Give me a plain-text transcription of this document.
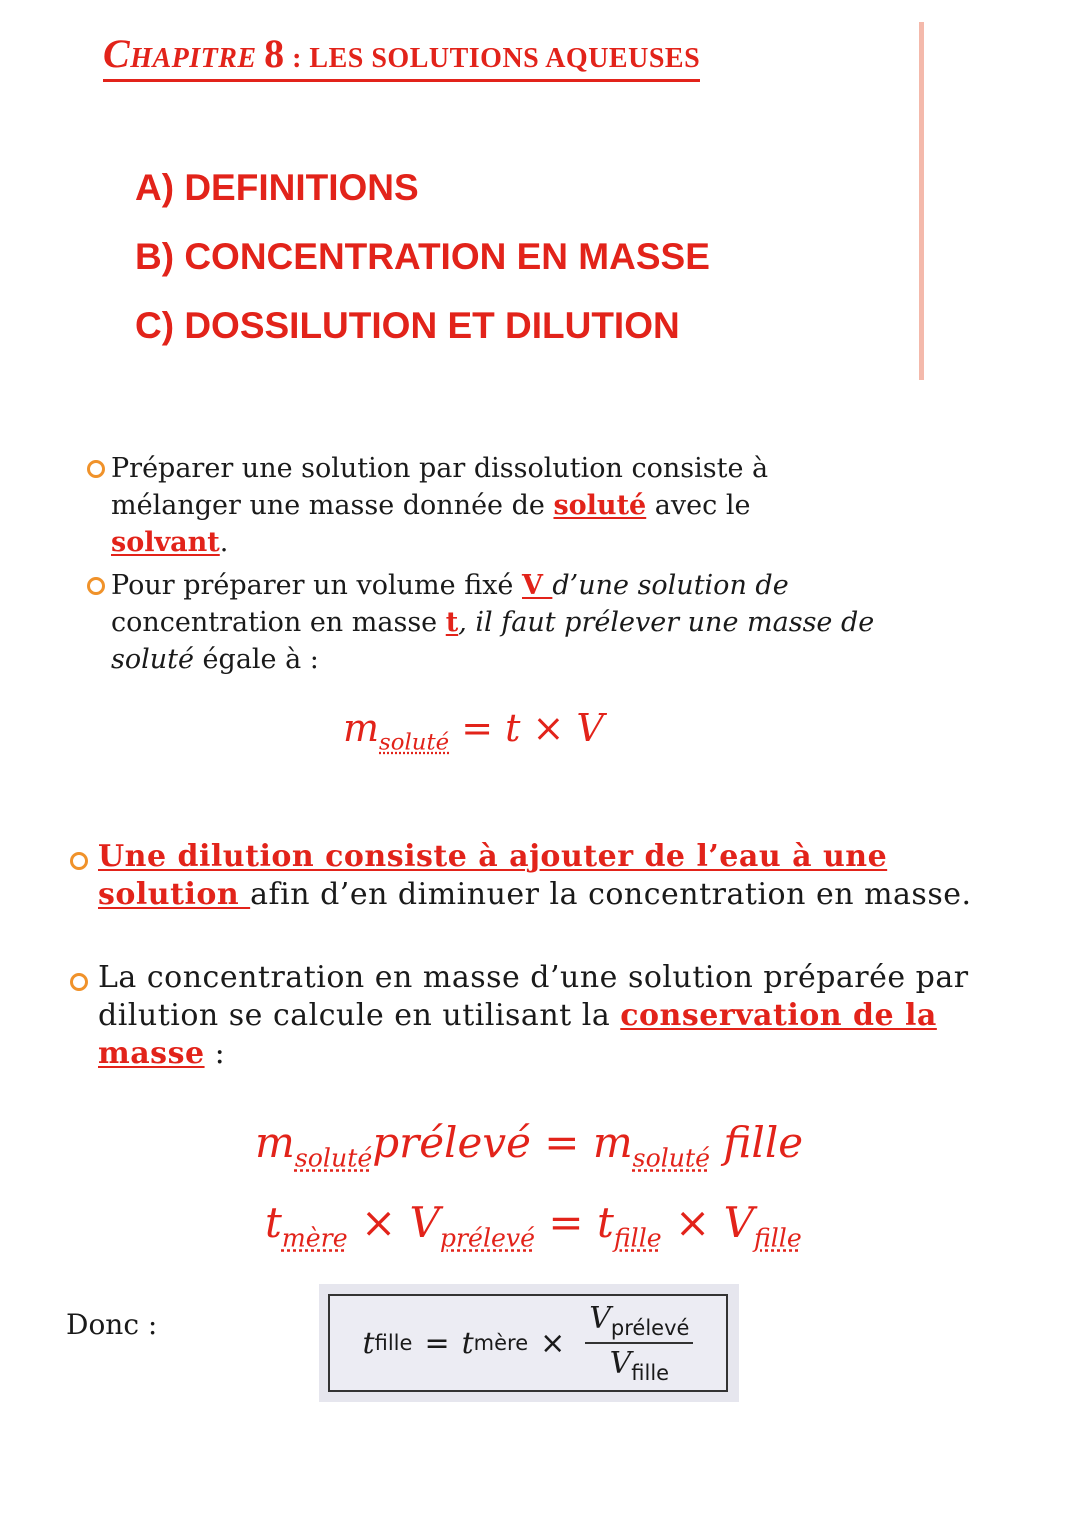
CHAPITRE 8 : LES SOLUTIONS AQUEUSES

A) DEFINITIONS

B) CONCENTRATION EN MASSE

C) DOSSILUTION ET DILUTION

Préparer une solution par dissolution consiste à mélanger une masse donnée de soluté avec le solvant.

Pour préparer un volume fixé V d’une solution de concentration en masse t, il faut prélever une masse de soluté égale à :

$m_{soluté} = t \times V$

Une dilution consiste à ajouter de l’eau à une solution afin d’en diminuer la concentration en masse.

La concentration en masse d’une solution préparée par dilution se calcule en utilisant la conservation de la masse :

$m_{soluté}prélevé = m_{soluté}$ fille

$t_{mère} \times V_{prélevé} = t_{fille} \times V_{fille}$

Donc :

t fille = t mère × $\frac{V_{prélevé}}{V_{fille}}$
